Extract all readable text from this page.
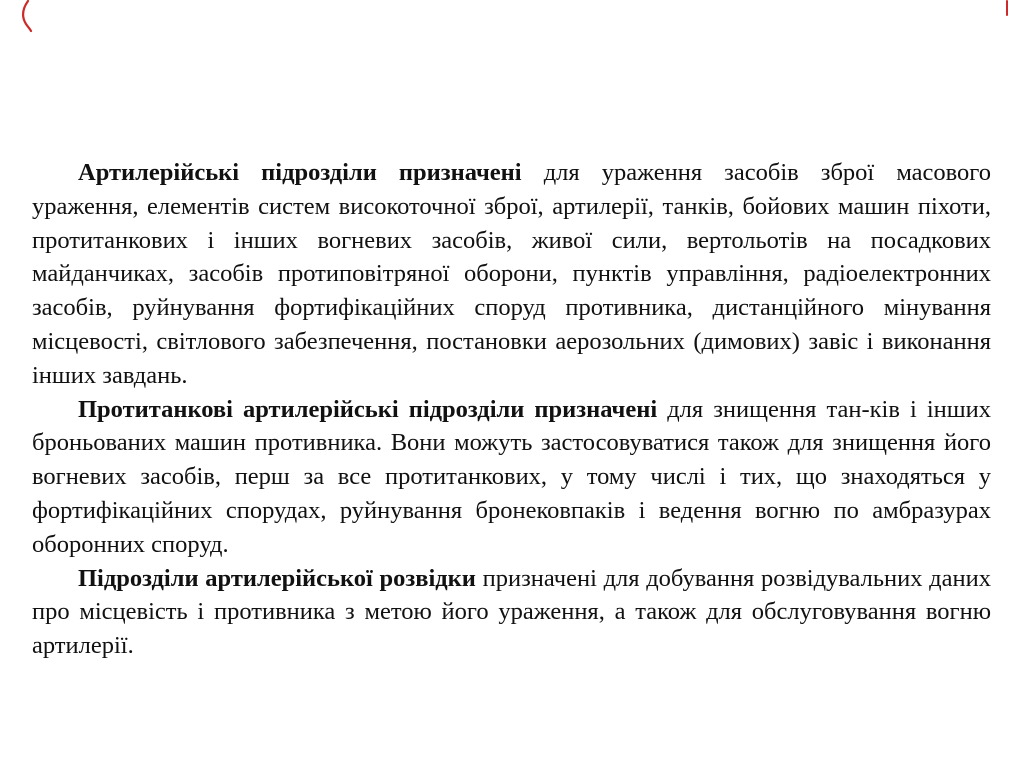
Артилерійські підрозділи призначені для ураження засобів зброї масового ураження, елементів систем високоточної зброї, артилерії, танків, бойових машин піхоти, протитанкових і інших вогневих засобів, живої сили, вертольотів на посадкових майданчиках, засобів протиповітряної оборони, пунктів управління, радіоелектронних засобів, руйнування фортифікаційних споруд противника, дистанційного мінування місцевості, світлового забезпечення, постановки аерозольних (димових) завіс і виконання інших завдань.

Протитанкові артилерійські підрозділи призначені для знищення тан-ків і інших броньованих машин противника. Вони можуть застосовуватися також для знищення його вогневих засобів, перш за все протитанкових, у тому числі і тих, що знаходяться у фортифікаційних спорудах, руйнування бронековпаків і ведення вогню по амбразурах оборонних споруд.

Підрозділи артилерійської розвідки призначені для добування розвідувальних даних про місцевість і противника з метою його ураження, а також для обслуговування вогню артилерії.
